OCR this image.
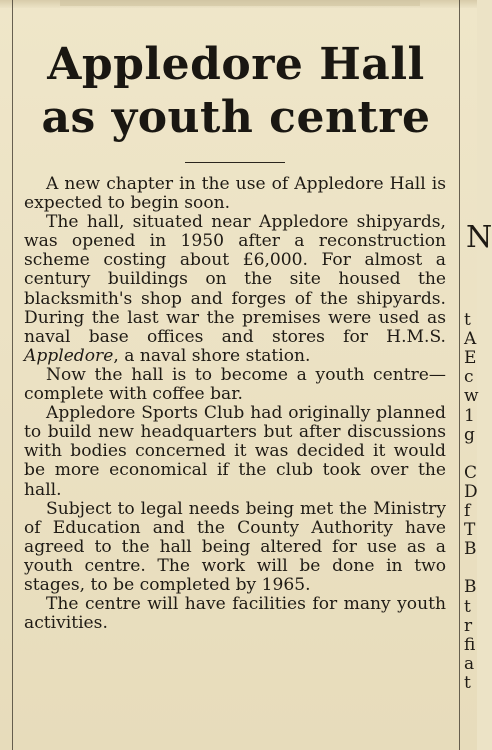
Appledore Hall
as youth centre

A new chapter in the use of Appledore Hall is expected to begin soon.

The hall, situated near Appledore shipyards, was opened in 1950 after a reconstruction scheme costing about £6,000. For almost a century buildings on the site housed the blacksmith's shop and forges of the shipyards. During the last war the premises were used as naval base offices and stores for H.M.S. Appledore, a naval shore station.

Now the hall is to become a youth centre—complete with coffee bar.

Appledore Sports Club had originally planned to build new headquarters but after discussions with bodies concerned it was decided it would be more economical if the club took over the hall.

Subject to legal needs being met the Ministry of Education and the County Authority have agreed to the hall being altered for use as a youth centre. The work will be done in two stages, to be completed by 1965.

The centre will have facilities for many youth activities.

N
t
A
E
c
w
1
g
C
D
f
T
B
B
t
r
fi
a
t
